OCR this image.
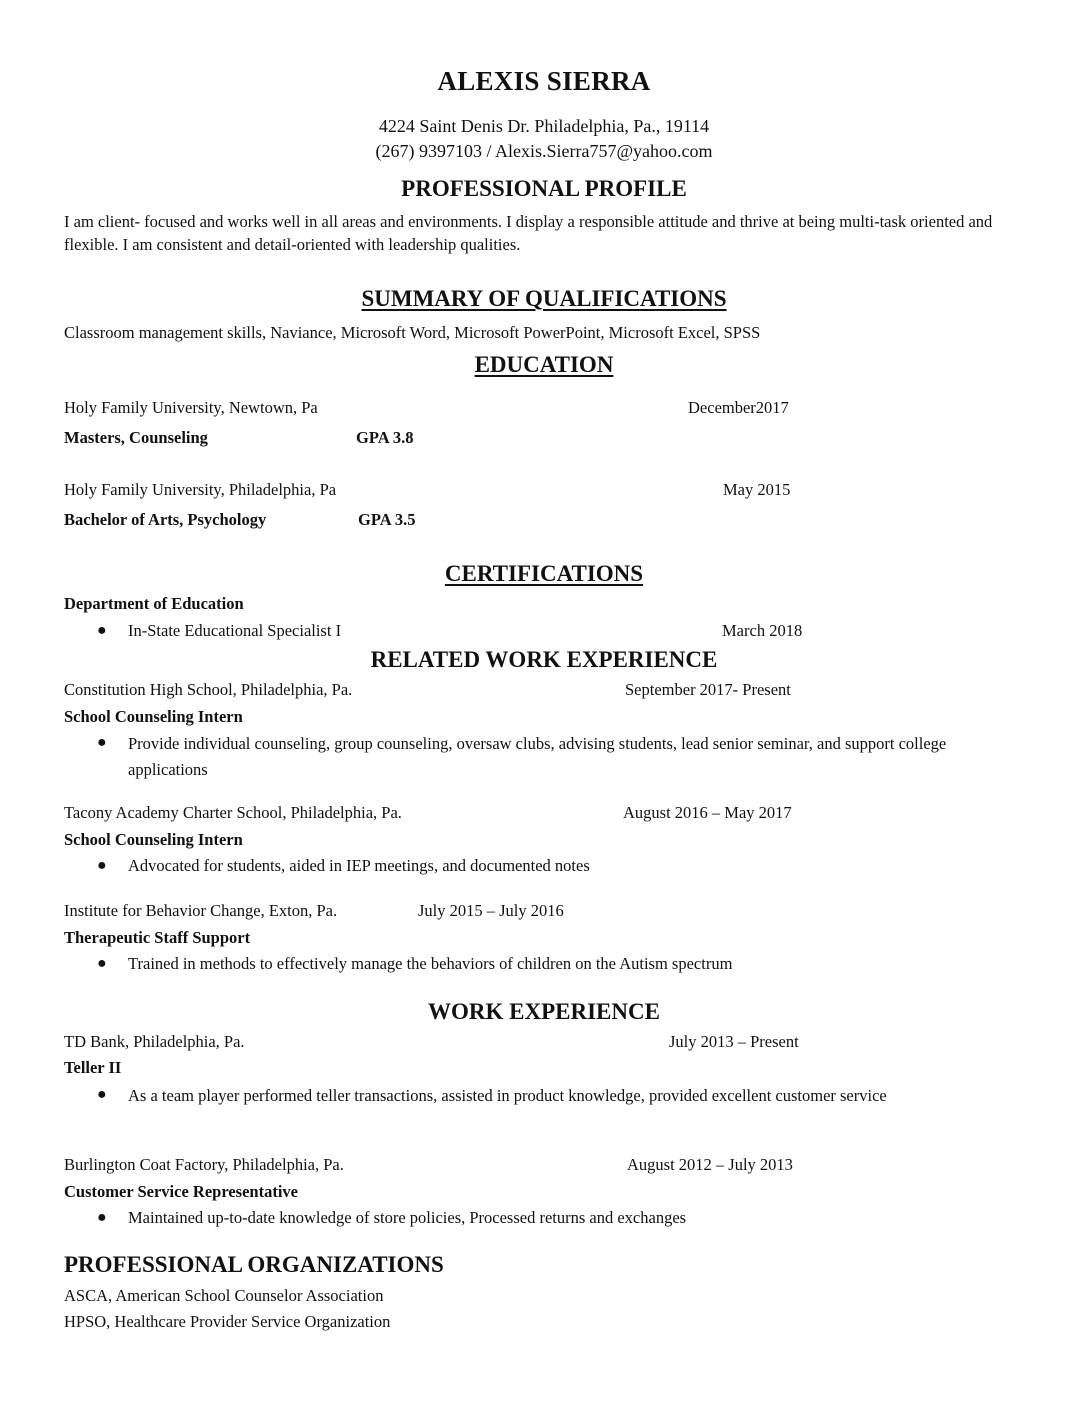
ALEXIS SIERRA
4224 Saint Denis Dr. Philadelphia, Pa., 19114
(267) 9397103 / Alexis.Sierra757@yahoo.com
PROFESSIONAL PROFILE
I am client- focused and works well in all areas and environments. I display a responsible attitude and thrive at being multi-task oriented and flexible. I am consistent and detail-oriented with leadership qualities.
SUMMARY OF QUALIFICATIONS
Classroom management skills, Naviance, Microsoft Word, Microsoft PowerPoint, Microsoft Excel, SPSS
EDUCATION
Holy Family University, Newtown, Pa	December2017
Masters, Counseling	GPA 3.8
Holy Family University, Philadelphia, Pa	May 2015
Bachelor of Arts, Psychology	GPA 3.5
CERTIFICATIONS
Department of Education
● In-State Educational Specialist I	March 2018
RELATED WORK EXPERIENCE
Constitution High School, Philadelphia, Pa.	September 2017- Present
School Counseling Intern
● Provide individual counseling, group counseling, oversaw clubs, advising students, lead senior seminar, and support college applications
Tacony Academy Charter School, Philadelphia, Pa.	August 2016 – May 2017
School Counseling Intern
● Advocated for students, aided in IEP meetings, and documented notes
Institute for Behavior Change, Exton, Pa.	July 2015 – July 2016
Therapeutic Staff Support
● Trained in methods to effectively manage the behaviors of children on the Autism spectrum
WORK EXPERIENCE
TD Bank, Philadelphia, Pa.	July 2013 – Present
Teller II
● As a team player performed teller transactions, assisted in product knowledge, provided excellent customer service
Burlington Coat Factory, Philadelphia, Pa.	August 2012 – July 2013
Customer Service Representative
● Maintained up-to-date knowledge of store policies, Processed returns and exchanges
PROFESSIONAL ORGANIZATIONS
ASCA, American School Counselor Association
HPSO, Healthcare Provider Service Organization
